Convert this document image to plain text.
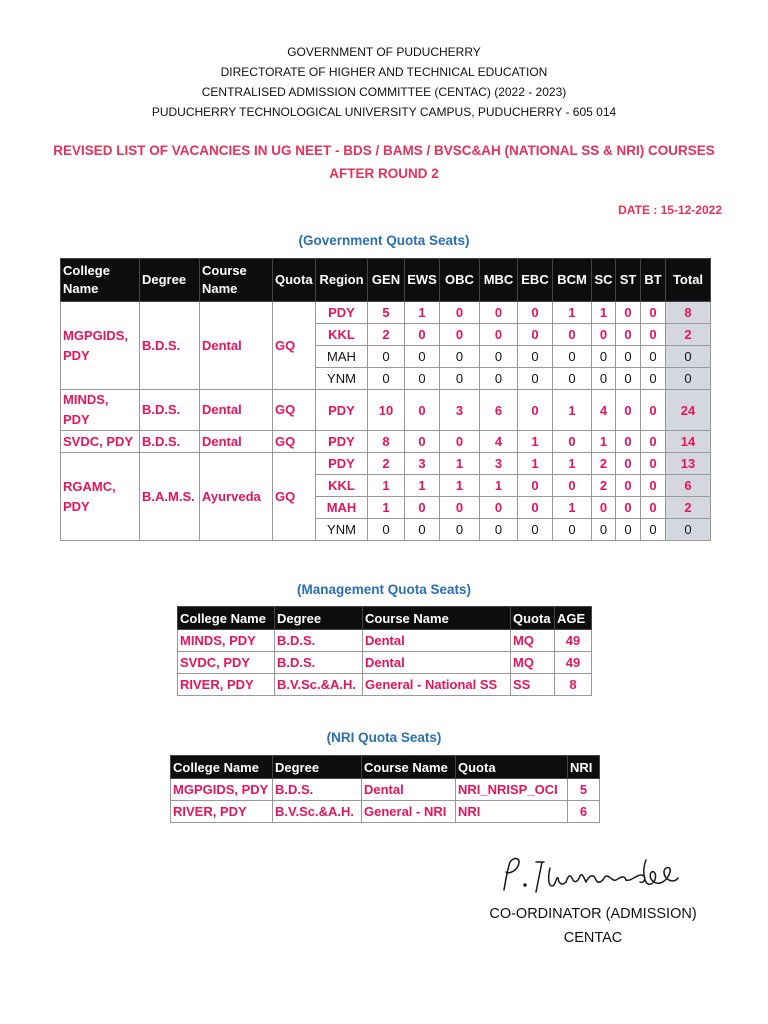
GOVERNMENT OF PUDUCHERRY
DIRECTORATE OF HIGHER AND TECHNICAL EDUCATION
CENTRALISED ADMISSION COMMITTEE (CENTAC) (2022 - 2023)
PUDUCHERRY TECHNOLOGICAL UNIVERSITY CAMPUS, PUDUCHERRY - 605 014
REVISED LIST OF VACANCIES IN UG NEET - BDS / BAMS / BVSC&AH (NATIONAL SS & NRI) COURSES
AFTER ROUND 2
DATE : 15-12-2022
(Government Quota Seats)
College Name	Degree	Course Name	Quota	Region	GEN	EWS	OBC	MBC	EBC	BCM	SC	ST	BT	Total
MGPGIDS, PDY	B.D.S.	Dental	GQ	PDY	5	1	0	0	0	1	1	0	0	8
				KKL	2	0	0	0	0	0	0	0	0	2
				MAH	0	0	0	0	0	0	0	0	0	0
				YNM	0	0	0	0	0	0	0	0	0	0
MINDS, PDY	B.D.S.	Dental	GQ	PDY	10	0	3	6	0	1	4	0	0	24
SVDC, PDY	B.D.S.	Dental	GQ	PDY	8	0	0	4	1	0	1	0	0	14
RGAMC, PDY	B.A.M.S.	Ayurveda	GQ	PDY	2	3	1	3	1	1	2	0	0	13
				KKL	1	1	1	1	0	0	2	0	0	6
				MAH	1	0	0	0	0	1	0	0	0	2
				YNM	0	0	0	0	0	0	0	0	0	0
(Management Quota Seats)
College Name	Degree	Course Name	Quota	AGE
MINDS, PDY	B.D.S.	Dental	MQ	49
SVDC, PDY	B.D.S.	Dental	MQ	49
RIVER, PDY	B.V.Sc.&A.H.	General - National SS	SS	8
(NRI Quota Seats)
College Name	Degree	Course Name	Quota	NRI
MGPGIDS, PDY	B.D.S.	Dental	NRI_NRISP_OCI	5
RIVER, PDY	B.V.Sc.&A.H.	General - NRI	NRI	6
CO-ORDINATOR (ADMISSION)
CENTAC
